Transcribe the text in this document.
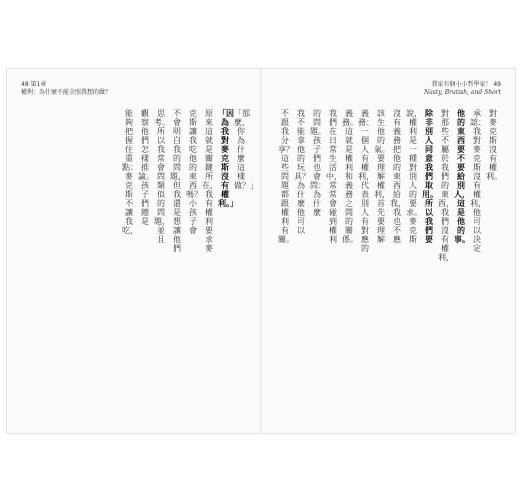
48 第1章
權利：為什麼不能全照我想的做？
我家有個小小哲學家！ 49
Nasty, Brutish, and Short
「那麼，你為什麼這樣做？」
「因為我對麥克斯沒有權利。」
原來這就是關鍵所在，我有權利要求麥
克斯讓我吃他的東西嗎？小孩子會
不會明白我的問題，但我還是想讓他們
思考。所以我常會問類似的問題，並且
觀察他們怎樣推論。孩子們總是
能夠把握住重點：麥克斯不讓我吃，
對麥克斯沒有權利。
承認：我對麥克斯沒有權利，他可以決定
他的東西要不要給別人，這是他的事。
對那些不屬於我們的東西，我們沒有權利，
除非別人同意我們取用。所以我們要
說，權利是一種對別人的要求。麥克斯
沒有義務把他的東西給我，我也不應
該生他的氣。要理解權利，首先要理解
義務：一個人有權利，代表別人有對應的
義務。這就是權利和義務之間的關係。
我們在日常生活中，常常會碰到權利
的問題。孩子們也會問：為什麼
我不能拿他的玩具？為什麼他可以
不跟我分享？這些問題都跟權利有關。
